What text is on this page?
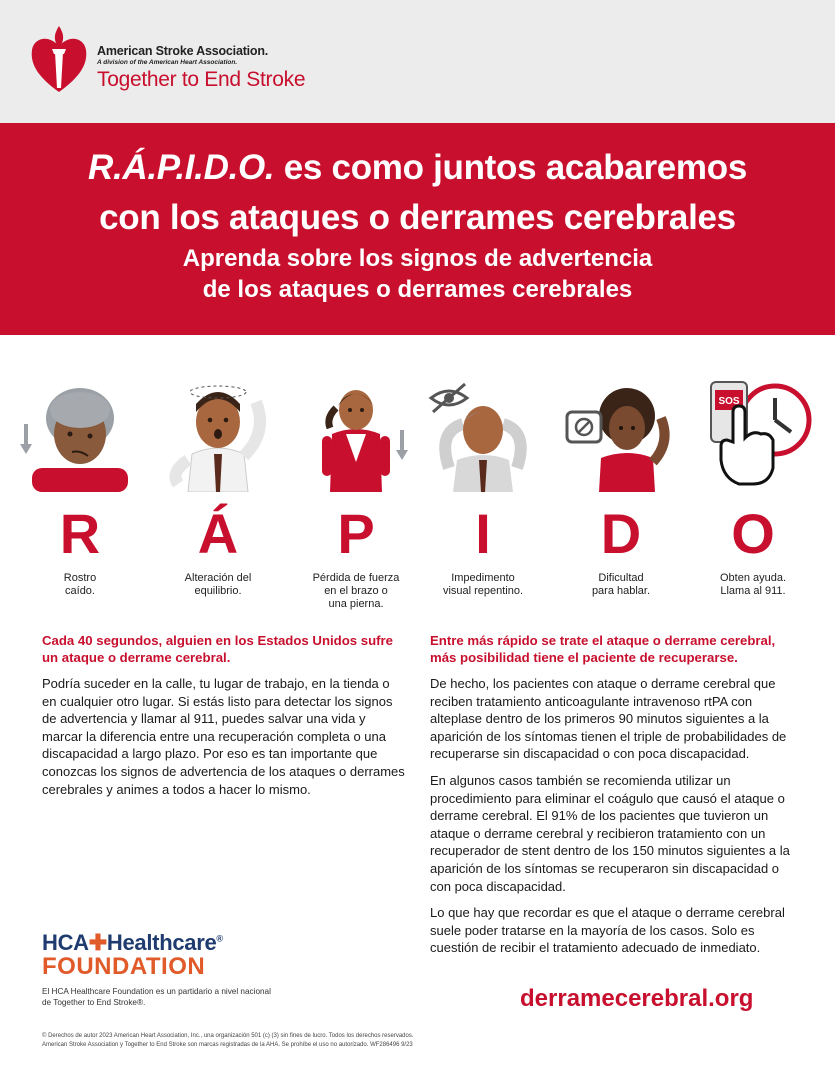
American Stroke Association.
A division of the American Heart Association.
Together to End Stroke
R.Á.P.I.D.O. es como juntos acabaremos
con los ataques o derrames cerebrales
Aprenda sobre los signos de advertencia
de los ataques o derrames cerebrales
R
Rostro
caído.
Á
Alteración del
equilibrio.
P
Pérdida de fuerza
en el brazo o
una pierna.
I
Impedimento
visual repentino.
D
Dificultad
para hablar.
SOS
O
Obten ayuda.
Llama al 911.
Cada 40 segundos, alguien en los Estados Unidos sufre un ataque o derrame cerebral.

Podría suceder en la calle, tu lugar de trabajo, en la tienda o en cualquier otro lugar. Si estás listo para detectar los signos de advertencia y llamar al 911, puedes salvar una vida y marcar la diferencia entre una recuperación completa o una discapacidad a largo plazo. Por eso es tan importante que conozcas los signos de advertencia de los ataques o derrames cerebrales y animes a todos a hacer lo mismo.

Entre más rápido se trate el ataque o derrame cerebral, más posibilidad tiene el paciente de recuperarse.

De hecho, los pacientes con ataque o derrame cerebral que reciben tratamiento anticoagulante intravenoso rtPA con alteplase dentro de los primeros 90 minutos siguientes a la aparición de los síntomas tienen el triple de probabilidades de recuperarse sin discapacidad o con poca discapacidad.

En algunos casos también se recomienda utilizar un procedimiento para eliminar el coágulo que causó el ataque o derrame cerebral. El 91% de los pacientes que tuvieron un ataque o derrame cerebral y recibieron tratamiento con un recuperador de stent dentro de los 150 minutos siguientes a la aparición de los síntomas se recuperaron sin discapacidad o con poca discapacidad.

Lo que hay que recordar es que el ataque o derrame cerebral suele poder tratarse en la mayoría de los casos. Solo es cuestión de recibir el tratamiento adecuado de inmediato.

HCA✚Healthcare®
FOUNDATION
El HCA Healthcare Foundation es un partidario a nivel nacional de Together to End Stroke®.	derramecerebral.org
© Derechos de autor 2023 American Heart Association, Inc., una organización 501 (c) (3) sin fines de lucro. Todos los derechos reservados.
American Stroke Association y Together to End Stroke son marcas registradas de la AHA. Se prohíbe el uso no autorizado. WF286496 9/23
